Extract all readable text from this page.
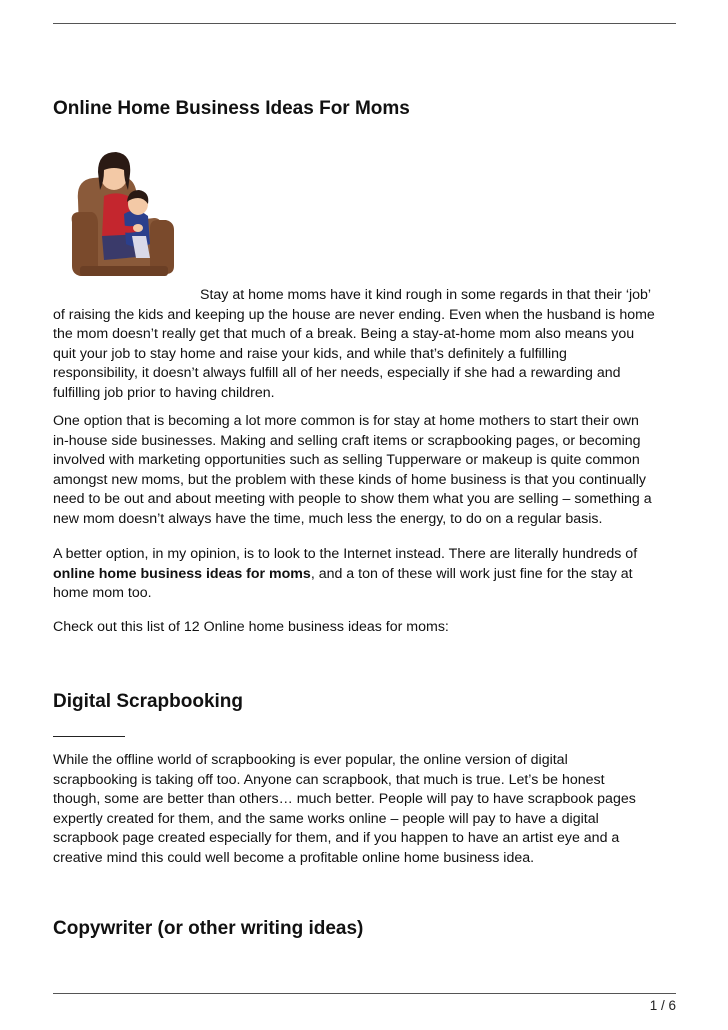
Online Home Business Ideas For Moms

Stay at home moms have it kind rough in some regards in that their ‘job’
of raising the kids and keeping up the house are never ending. Even when the husband is home
the mom doesn’t really get that much of a break. Being a stay-at-home mom also means you
quit your job to stay home and raise your kids, and while that’s definitely a fulfilling
responsibility, it doesn’t always fulfill all of her needs, especially if she had a rewarding and
fulfilling job prior to having children.

One option that is becoming a lot more common is for stay at home mothers to start their own
in-house side businesses. Making and selling craft items or scrapbooking pages, or becoming
involved with marketing opportunities such as selling Tupperware or makeup is quite common
amongst new moms, but the problem with these kinds of home business is that you continually
need to be out and about meeting with people to show them what you are selling – something a
new mom doesn’t always have the time, much less the energy, to do on a regular basis.

A better option, in my opinion, is to look to the Internet instead. There are literally hundreds of
online home business ideas for moms, and a ton of these will work just fine for the stay at
home mom too.

Check out this list of 12 Online home business ideas for moms:

Digital Scrapbooking

While the offline world of scrapbooking is ever popular, the online version of digital
scrapbooking is taking off too. Anyone can scrapbook, that much is true. Let’s be honest
though, some are better than others… much better. People will pay to have scrapbook pages
expertly created for them, and the same works online – people will pay to have a digital
scrapbook page created especially for them, and if you happen to have an artist eye and a
creative mind this could well become a profitable online home business idea.

Copywriter (or other writing ideas)
1 / 6
